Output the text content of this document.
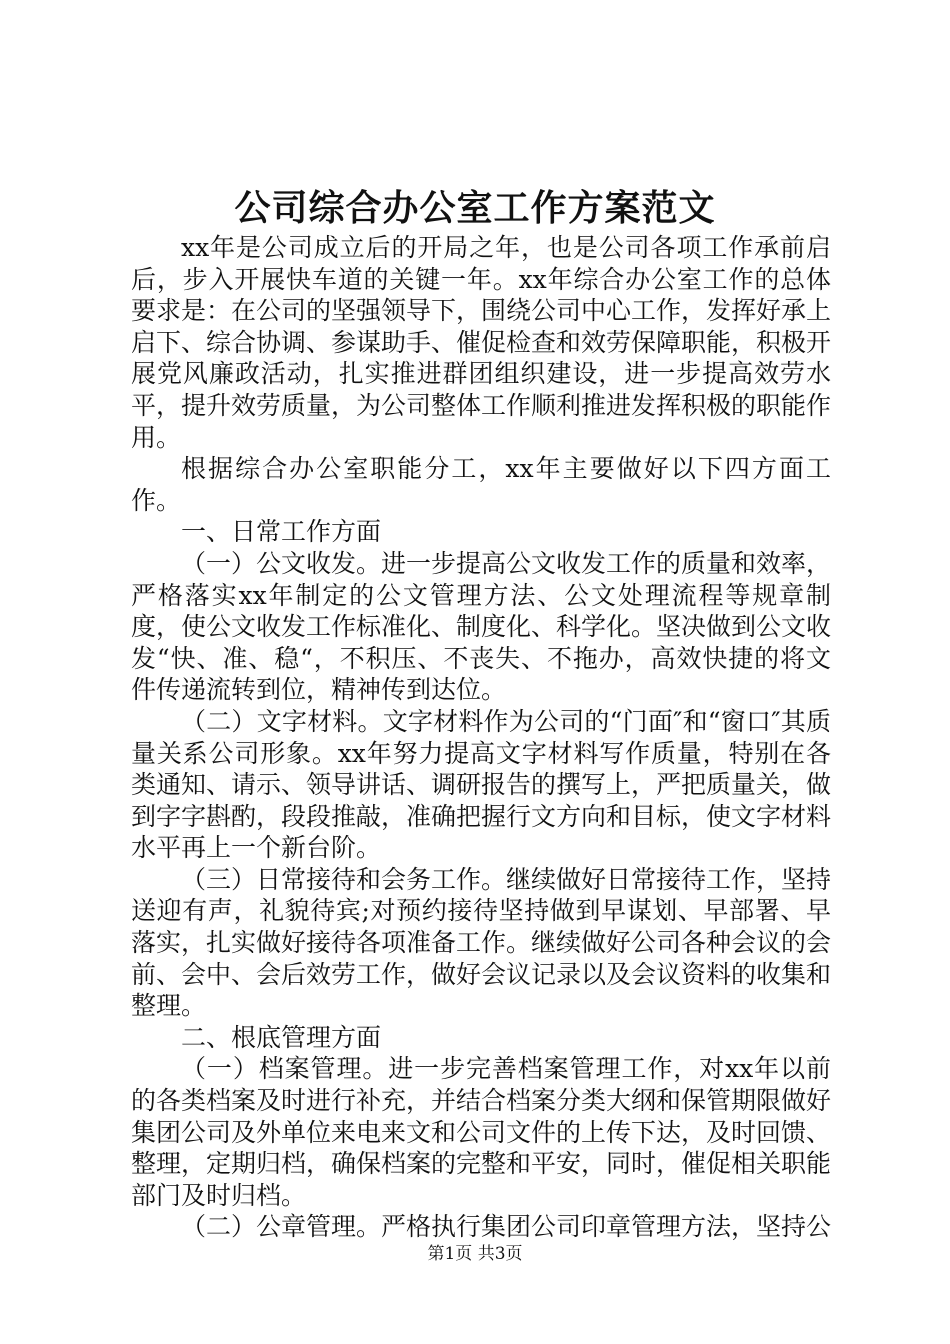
公司综合办公室工作方案范文

xx年是公司成立后的开局之年，也是公司各项工作承前启后，步入开展快车道的关键一年。xx年综合办公室工作的总体要求是：在公司的坚强领导下，围绕公司中心工作，发挥好承上启下、综合协调、参谋助手、催促检查和效劳保障职能，积极开展党风廉政活动，扎实推进群团组织建设，进一步提高效劳水平，提升效劳质量，为公司整体工作顺利推进发挥积极的职能作用。

根据综合办公室职能分工，xx年主要做好以下四方面工作。

一、日常工作方面

（一）公文收发。进一步提高公文收发工作的质量和效率，严格落实xx年制定的公文管理方法、公文处理流程等规章制度，使公文收发工作标准化、制度化、科学化。坚决做到公文收发“快、准、稳“，不积压、不丧失、不拖办，高效快捷的将文件传递流转到位，精神传到达位。

（二）文字材料。文字材料作为公司的“门面″和“窗口″其质量关系公司形象。xx年努力提高文字材料写作质量，特别在各类通知、请示、领导讲话、调研报告的撰写上，严把质量关，做到字字斟酌，段段推敲，准确把握行文方向和目标，使文字材料水平再上一个新台阶。

（三）日常接待和会务工作。继续做好日常接待工作，坚持送迎有声，礼貌待宾;对预约接待坚持做到早谋划、早部署、早落实，扎实做好接待各项准备工作。继续做好公司各种会议的会前、会中、会后效劳工作，做好会议记录以及会议资料的收集和整理。

二、根底管理方面

（一）档案管理。进一步完善档案管理工作，对xx年以前的各类档案及时进行补充，并结合档案分类大纲和保管期限做好集团公司及外单位来电来文和公司文件的上传下达，及时回馈、整理，定期归档，确保档案的完整和平安，同时，催促相关职能部门及时归档。

（二）公章管理。严格执行集团公司印章管理方法，坚持公

第1页 共3页
